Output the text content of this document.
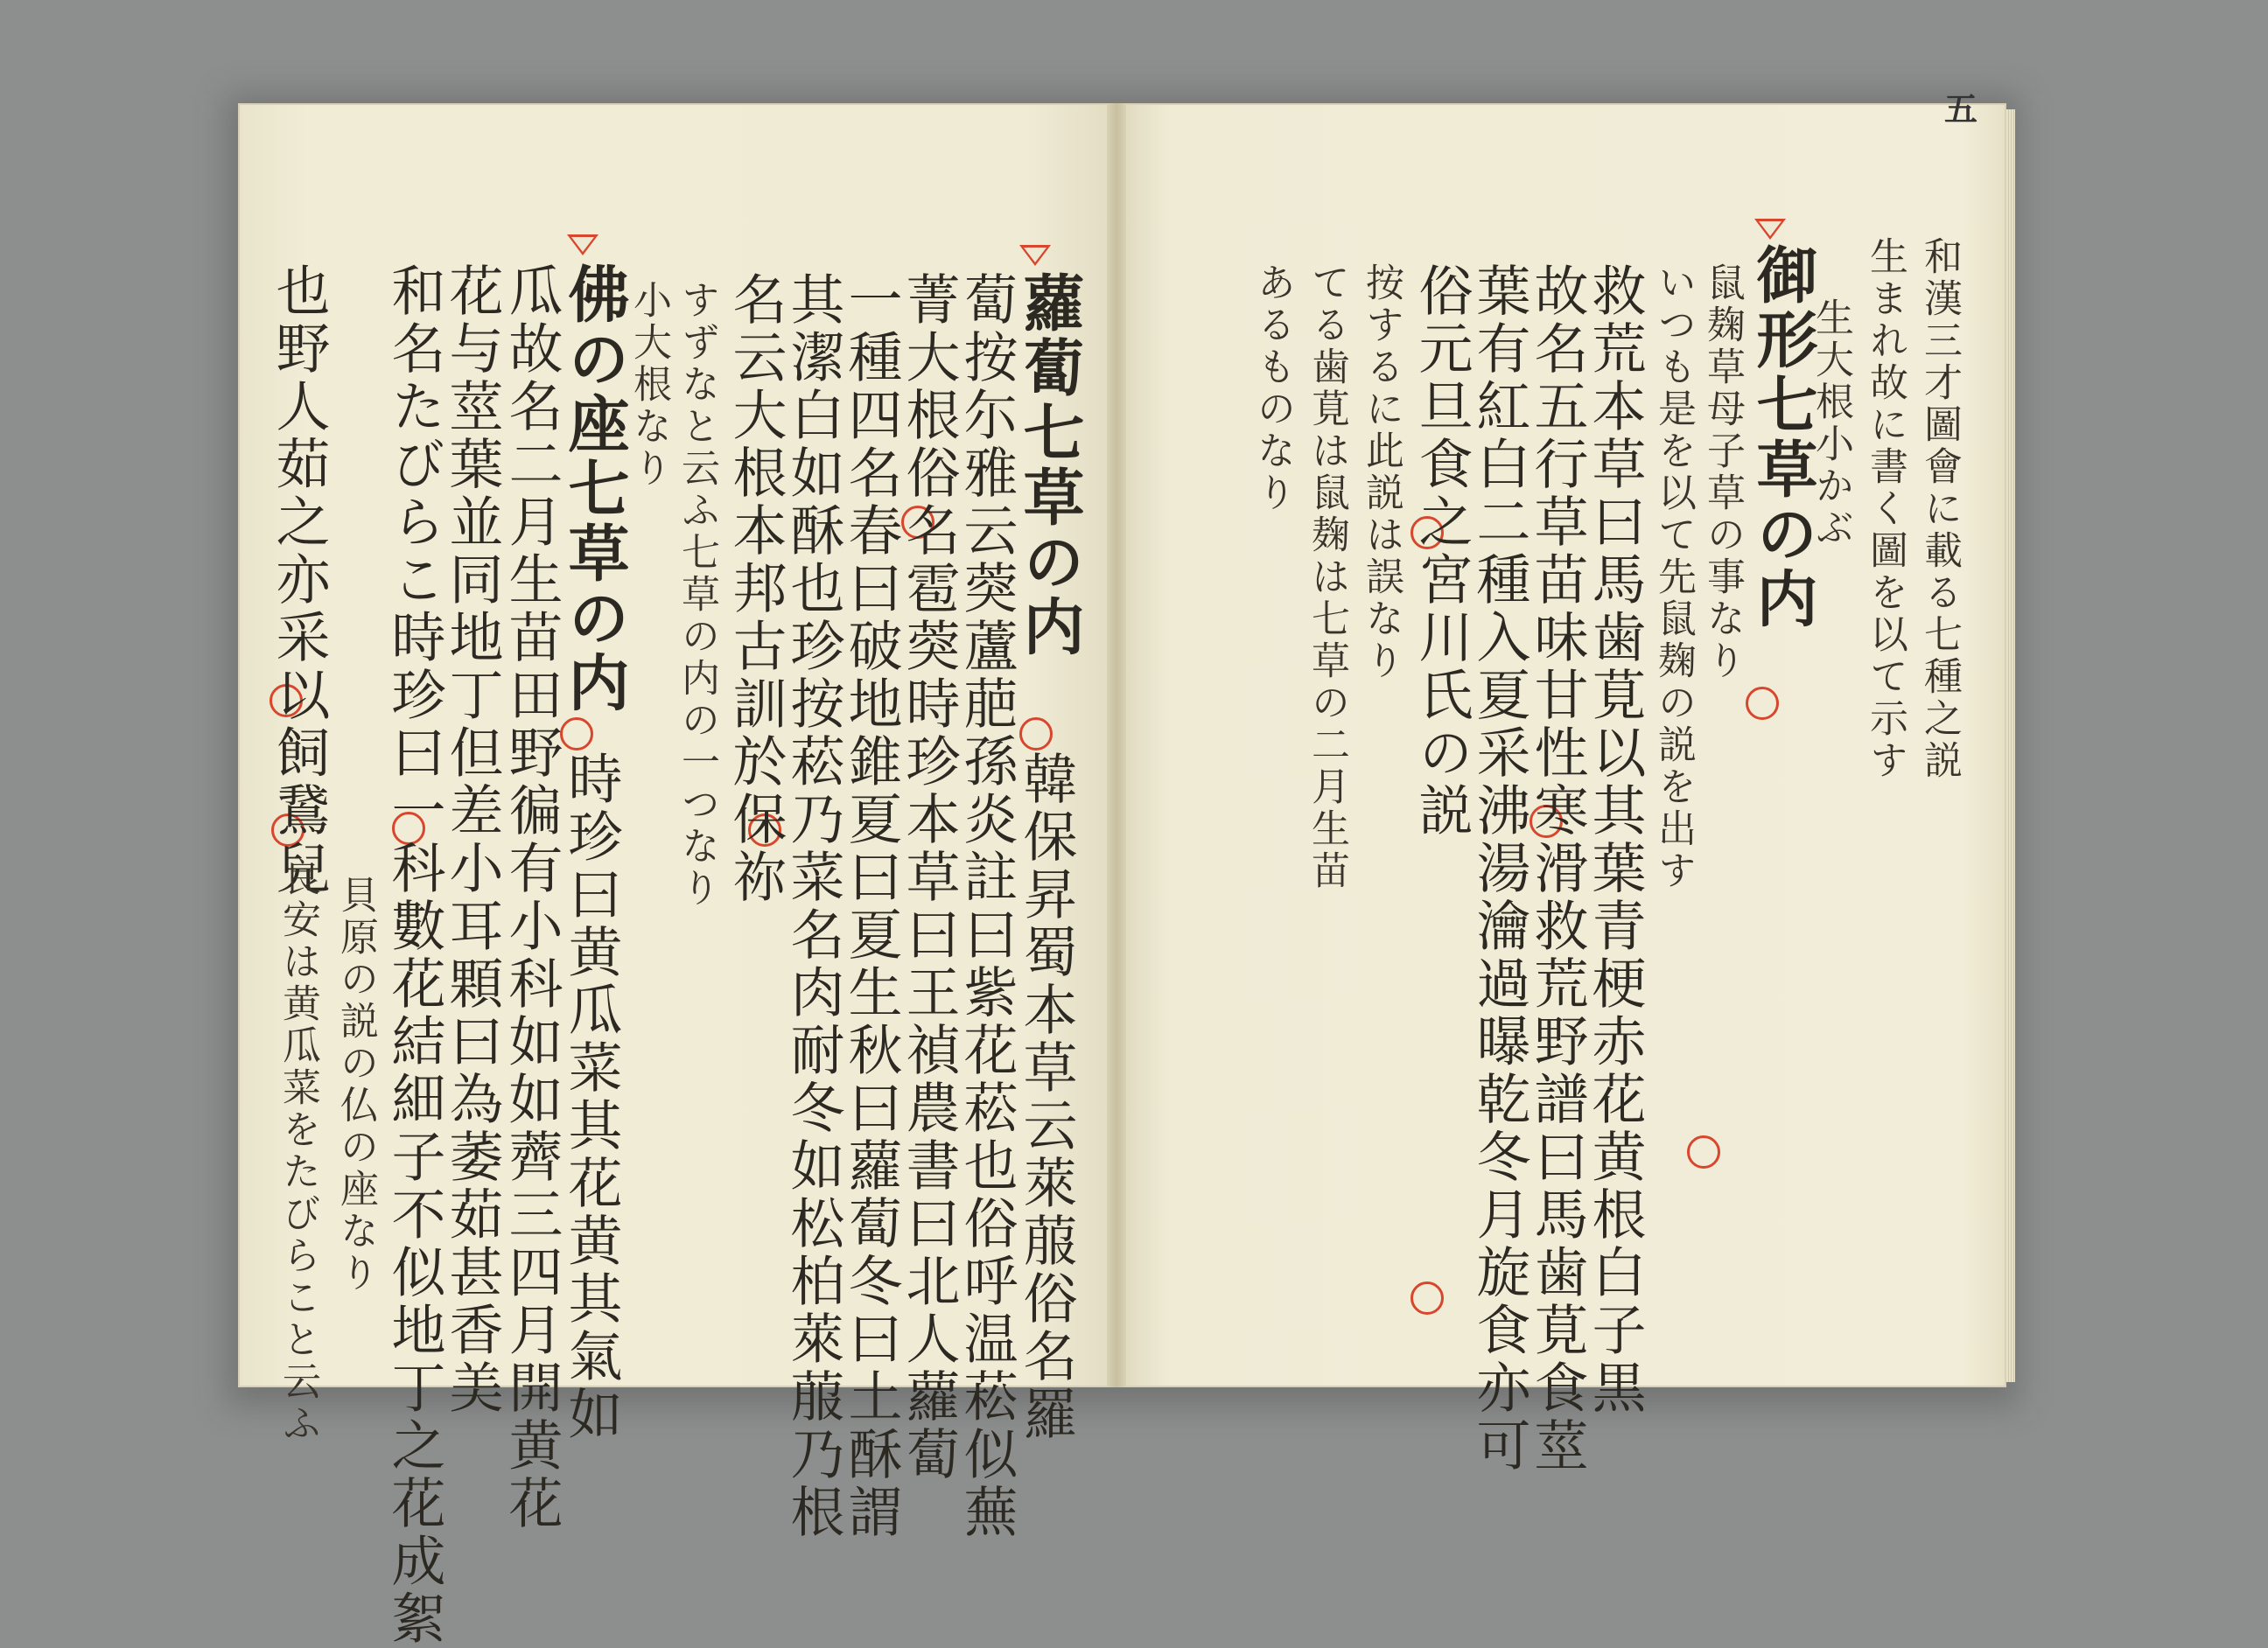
五
蘿蔔七草の内
韓保昇蜀本草云萊菔俗名羅
蔔按尓雅云葖蘆萉孫炎註曰紫花菘也俗呼温菘似蕪
菁大根俗名雹葖時珍本草曰王禎農書曰北人蘿蔔
一種四名春曰破地錐夏曰夏生秋曰蘿蔔冬曰土酥謂
其潔白如酥也珍按菘乃菜名肉耐冬如松柏萊菔乃根
名云大根本邦古訓於保祢
すずなと云ふ七草の内の一つなり
小大根なり
佛の座七草の内
時珍曰黄瓜菜其花黄其氣如
瓜故名二月生苗田野徧有小科如如薺三四月開黄花
花与莖葉並同地丁但差小耳顆曰為萎茹甚香美
和名たびらこ時珍曰一科數花結細子不似地丁之花成絮
也野人茹之亦采以飼鵞兒
貝原の説の仏の座なり
良安は黄瓜菜をたびらこと云ふ
和漢三才圖會に載る七種之説
生まれ故に書く圖を以て示す
生大根小かぶ
御形七草の内
鼠麹草母子草の事なり
いつも是を以て先鼠麹の説を出す
救荒本草曰馬歯莧以其葉青梗赤花黄根白子黒
故名五行草苗味甘性寒滑救荒野譜曰馬歯莧食莖
葉有紅白二種入夏采沸湯瀹過曝乾冬月旋食亦可
俗元旦食之宮川氏の説
按するに此説は誤なり
てる歯莧は鼠麹は七草の二月生苗
あるものなり
